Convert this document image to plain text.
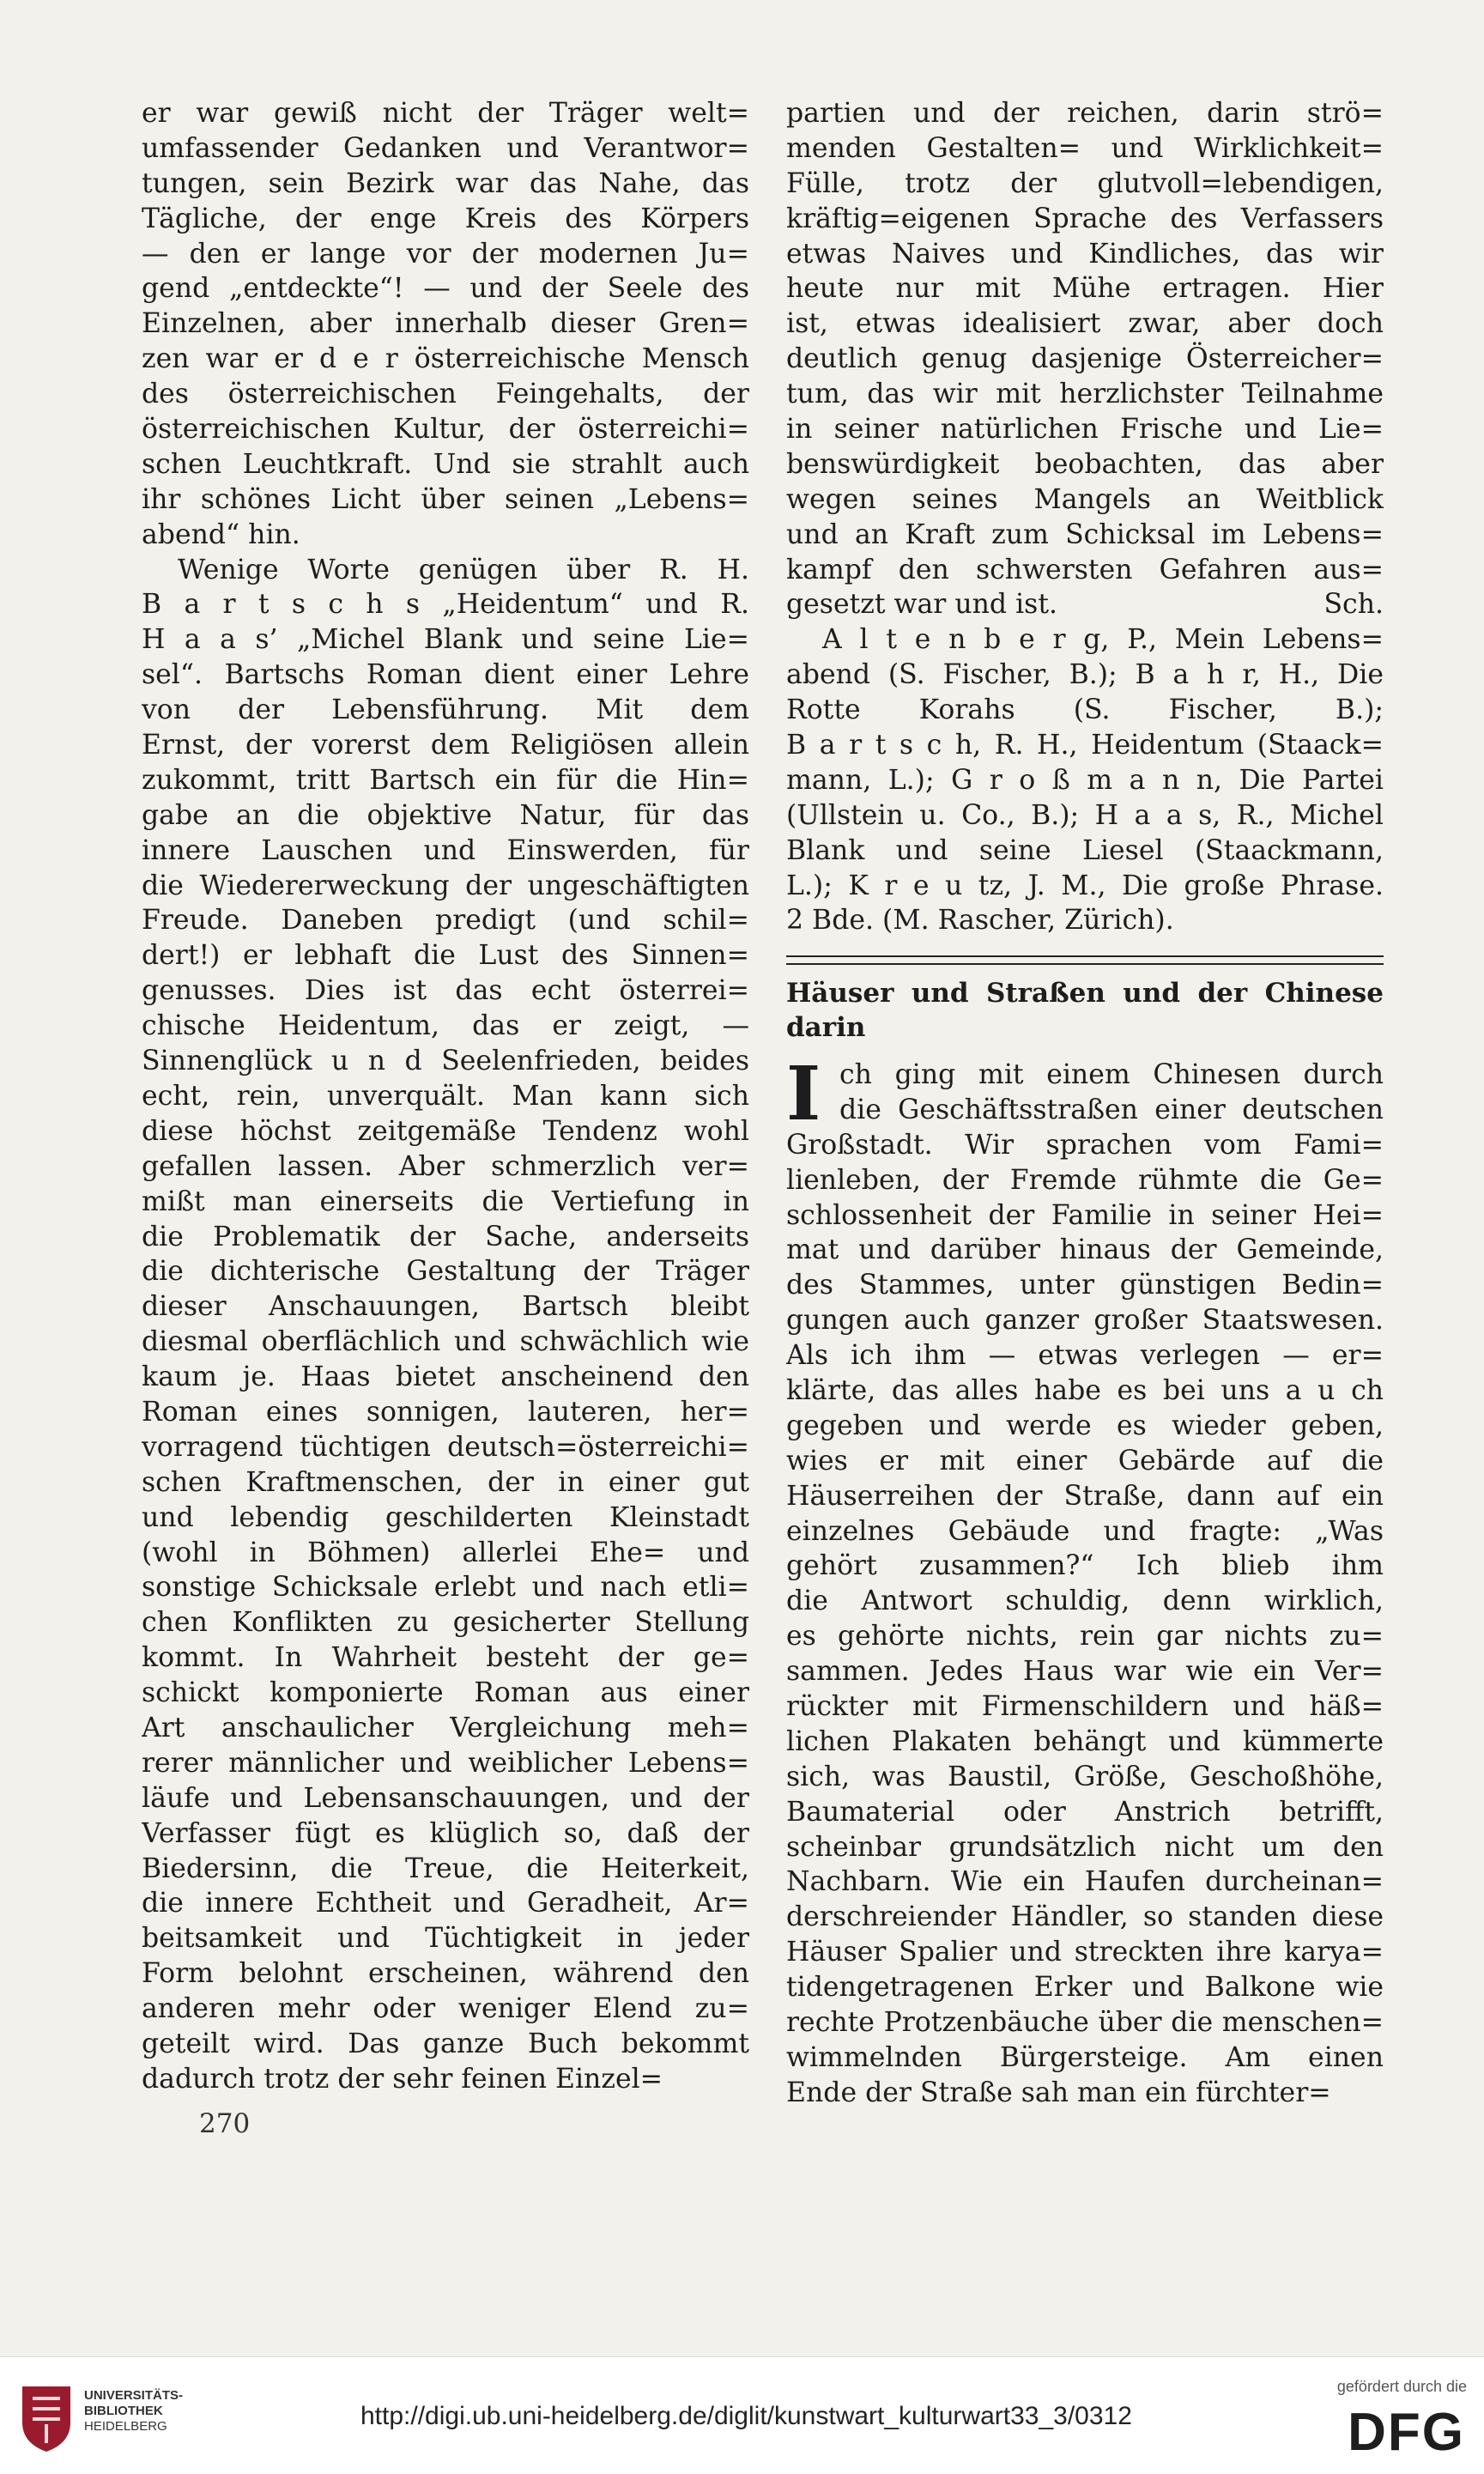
er war gewiß nicht der Träger welt=
umfassender Gedanken und Verantwor=
tungen, sein Bezirk war das Nahe, das
Tägliche, der enge Kreis des Körpers
— den er lange vor der modernen Ju=
gend „entdeckte“! — und der Seele des
Einzelnen, aber innerhalb dieser Gren=
zen war er d e r österreichische Mensch
des österreichischen Feingehalts, der
österreichischen Kultur, der österreichi=
schen Leuchtkraft. Und sie strahlt auch
ihr schönes Licht über seinen „Lebens=
abend“ hin.
Wenige Worte genügen über R. H.
B a r t s c h s „Heidentum“ und R.
H a a s’ „Michel Blank und seine Lie=
sel“. Bartschs Roman dient einer Lehre
von der Lebensführung. Mit dem
Ernst, der vorerst dem Religiösen allein
zukommt, tritt Bartsch ein für die Hin=
gabe an die objektive Natur, für das
innere Lauschen und Einswerden, für
die Wiedererweckung der ungeschäftigten
Freude. Daneben predigt (und schil=
dert!) er lebhaft die Lust des Sinnen=
genusses. Dies ist das echt österrei=
chische Heidentum, das er zeigt, —
Sinnenglück u n d Seelenfrieden, beides
echt, rein, unverquält. Man kann sich
diese höchst zeitgemäße Tendenz wohl
gefallen lassen. Aber schmerzlich ver=
mißt man einerseits die Vertiefung in
die Problematik der Sache, anderseits
die dichterische Gestaltung der Träger
dieser Anschauungen, Bartsch bleibt
diesmal oberflächlich und schwächlich wie
kaum je. Haas bietet anscheinend den
Roman eines sonnigen, lauteren, her=
vorragend tüchtigen deutsch=österreichi=
schen Kraftmenschen, der in einer gut
und lebendig geschilderten Kleinstadt
(wohl in Böhmen) allerlei Ehe= und
sonstige Schicksale erlebt und nach etli=
chen Konflikten zu gesicherter Stellung
kommt. In Wahrheit besteht der ge=
schickt komponierte Roman aus einer
Art anschaulicher Vergleichung meh=
rerer männlicher und weiblicher Lebens=
läufe und Lebensanschauungen, und der
Verfasser fügt es klüglich so, daß der
Biedersinn, die Treue, die Heiterkeit,
die innere Echtheit und Geradheit, Ar=
beitsamkeit und Tüchtigkeit in jeder
Form belohnt erscheinen, während den
anderen mehr oder weniger Elend zu=
geteilt wird. Das ganze Buch bekommt
dadurch trotz der sehr feinen Einzel=
partien und der reichen, darin strö=
menden Gestalten= und Wirklichkeit=
Fülle, trotz der glutvoll=lebendigen,
kräftig=eigenen Sprache des Verfassers
etwas Naives und Kindliches, das wir
heute nur mit Mühe ertragen. Hier
ist, etwas idealisiert zwar, aber doch
deutlich genug dasjenige Österreicher=
tum, das wir mit herzlichster Teilnahme
in seiner natürlichen Frische und Lie=
benswürdigkeit beobachten, das aber
wegen seines Mangels an Weitblick
und an Kraft zum Schicksal im Lebens=
kampf den schwersten Gefahren aus=
gesetzt war und ist.	Sch.
A l t e n b e r g, P., Mein Lebens=
abend (S. Fischer, B.); B a h r, H., Die
Rotte Korahs (S. Fischer, B.);
B a r t s c h, R. H., Heidentum (Staack=
mann, L.); G r o ß m a n n, Die Partei
(Ullstein u. Co., B.); H a a s, R., Michel
Blank und seine Liesel (Staackmann,
L.); K r e u tz, J. M., Die große Phrase.
2 Bde. (M. Rascher, Zürich).
Häuser und Straßen und der Chinese darin
I ch ging mit einem Chinesen durch
die Geschäftsstraßen einer deutschen
Großstadt. Wir sprachen vom Fami=
lienleben, der Fremde rühmte die Ge=
schlossenheit der Familie in seiner Hei=
mat und darüber hinaus der Gemeinde,
des Stammes, unter günstigen Bedin=
gungen auch ganzer großer Staatswesen.
Als ich ihm — etwas verlegen — er=
klärte, das alles habe es bei uns a u ch
gegeben und werde es wieder geben,
wies er mit einer Gebärde auf die
Häuserreihen der Straße, dann auf ein
einzelnes Gebäude und fragte: „Was
gehört zusammen?“ Ich blieb ihm
die Antwort schuldig, denn wirklich,
es gehörte nichts, rein gar nichts zu=
sammen. Jedes Haus war wie ein Ver=
rückter mit Firmenschildern und häß=
lichen Plakaten behängt und kümmerte
sich, was Baustil, Größe, Geschoßhöhe,
Baumaterial oder Anstrich betrifft,
scheinbar grundsätzlich nicht um den
Nachbarn. Wie ein Haufen durcheinan=
derschreiender Händler, so standen diese
Häuser Spalier und streckten ihre karya=
tidengetragenen Erker und Balkone wie
rechte Protzenbäuche über die menschen=
wimmelnden Bürgersteige. Am einen
Ende der Straße sah man ein fürchter=
270
UNIVERSITÄTS-
BIBLIOTHEK
HEIDELBERG	http://digi.ub.uni-heidelberg.de/diglit/kunstwart_kulturwart33_3/0312
gefördert durch die
DFG
